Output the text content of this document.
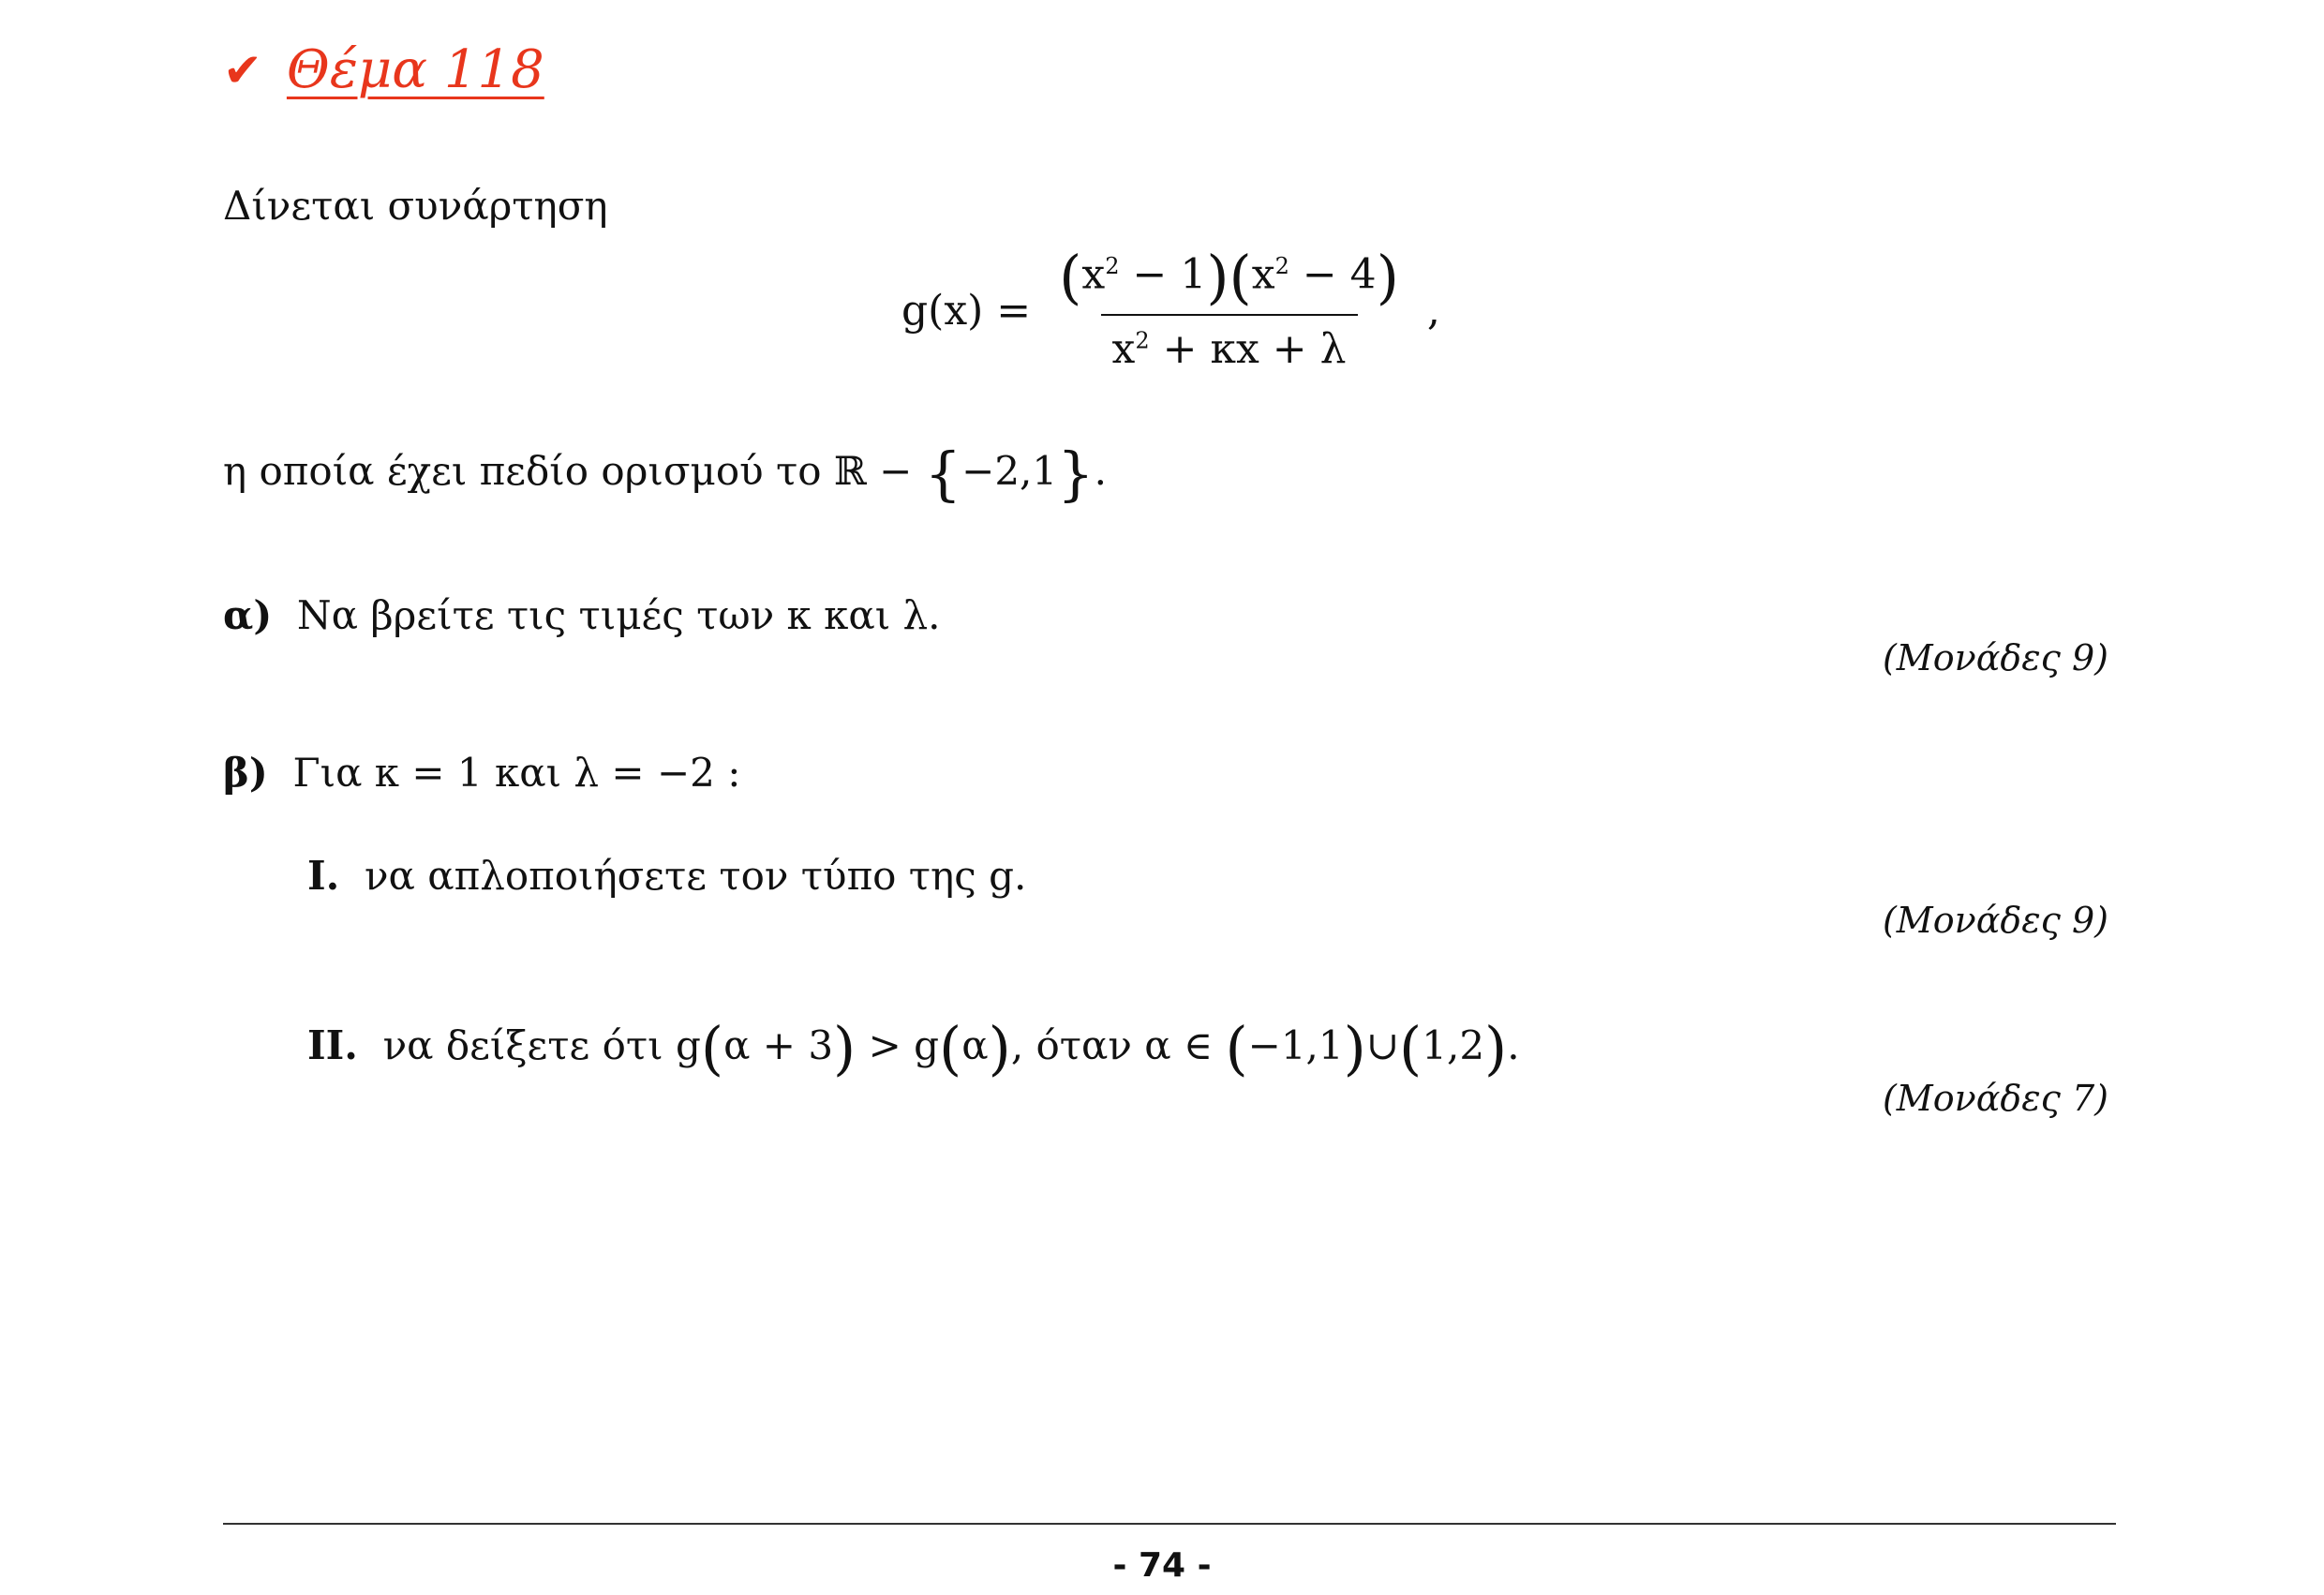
✔ Θέμα 118
Δίνεται συνάρτηση
$g(x) = \frac{(x^2 - 1)(x^2 - 4)}{x^2 + \kappa x + \lambda}$ ,
η οποία έχει πεδίο ορισμού το ℝ − {−2,1}.
α) Να βρείτε τις τιμές των κ και λ.
(Μονάδες 9)
β) Για κ = 1 και λ = −2 :
I. να απλοποιήσετε τον τύπο της g.
(Μονάδες 9)
II. να δείξετε ότι g(α + 3) > g(α), όταν α ∈ (−1,1)∪(1,2).
(Μονάδες 7)
- 74 -
